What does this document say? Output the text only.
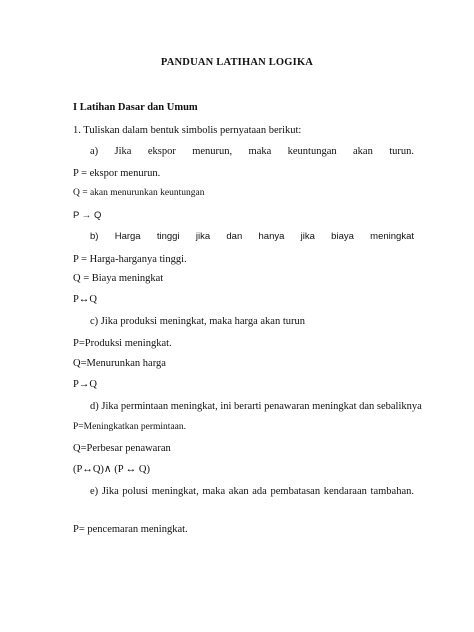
PANDUAN LATIHAN LOGIKA
I Latihan Dasar dan Umum
1. Tuliskan dalam bentuk simbolis pernyataan berikut:
a) Jika ekspor menurun, maka keuntungan akan turun.
P = ekspor menurun.
Q = akan menurunkan keuntungan
P → Q
b) Harga tinggi jika dan hanya jika biaya meningkat
P = Harga-harganya tinggi.
Q = Biaya meningkat
P↔Q
c) Jika produksi meningkat, maka harga akan turun
P=Produksi meningkat.
Q=Menurunkan harga
P→Q
d) Jika permintaan meningkat, ini berarti penawaran meningkat dan sebaliknya
P=Meningkatkan permintaan.
Q=Perbesar penawaran
(P↔Q)∧ (P ↔ Q)
e) Jika polusi meningkat, maka akan ada pembatasan kendaraan tambahan.
P= pencemaran meningkat.
